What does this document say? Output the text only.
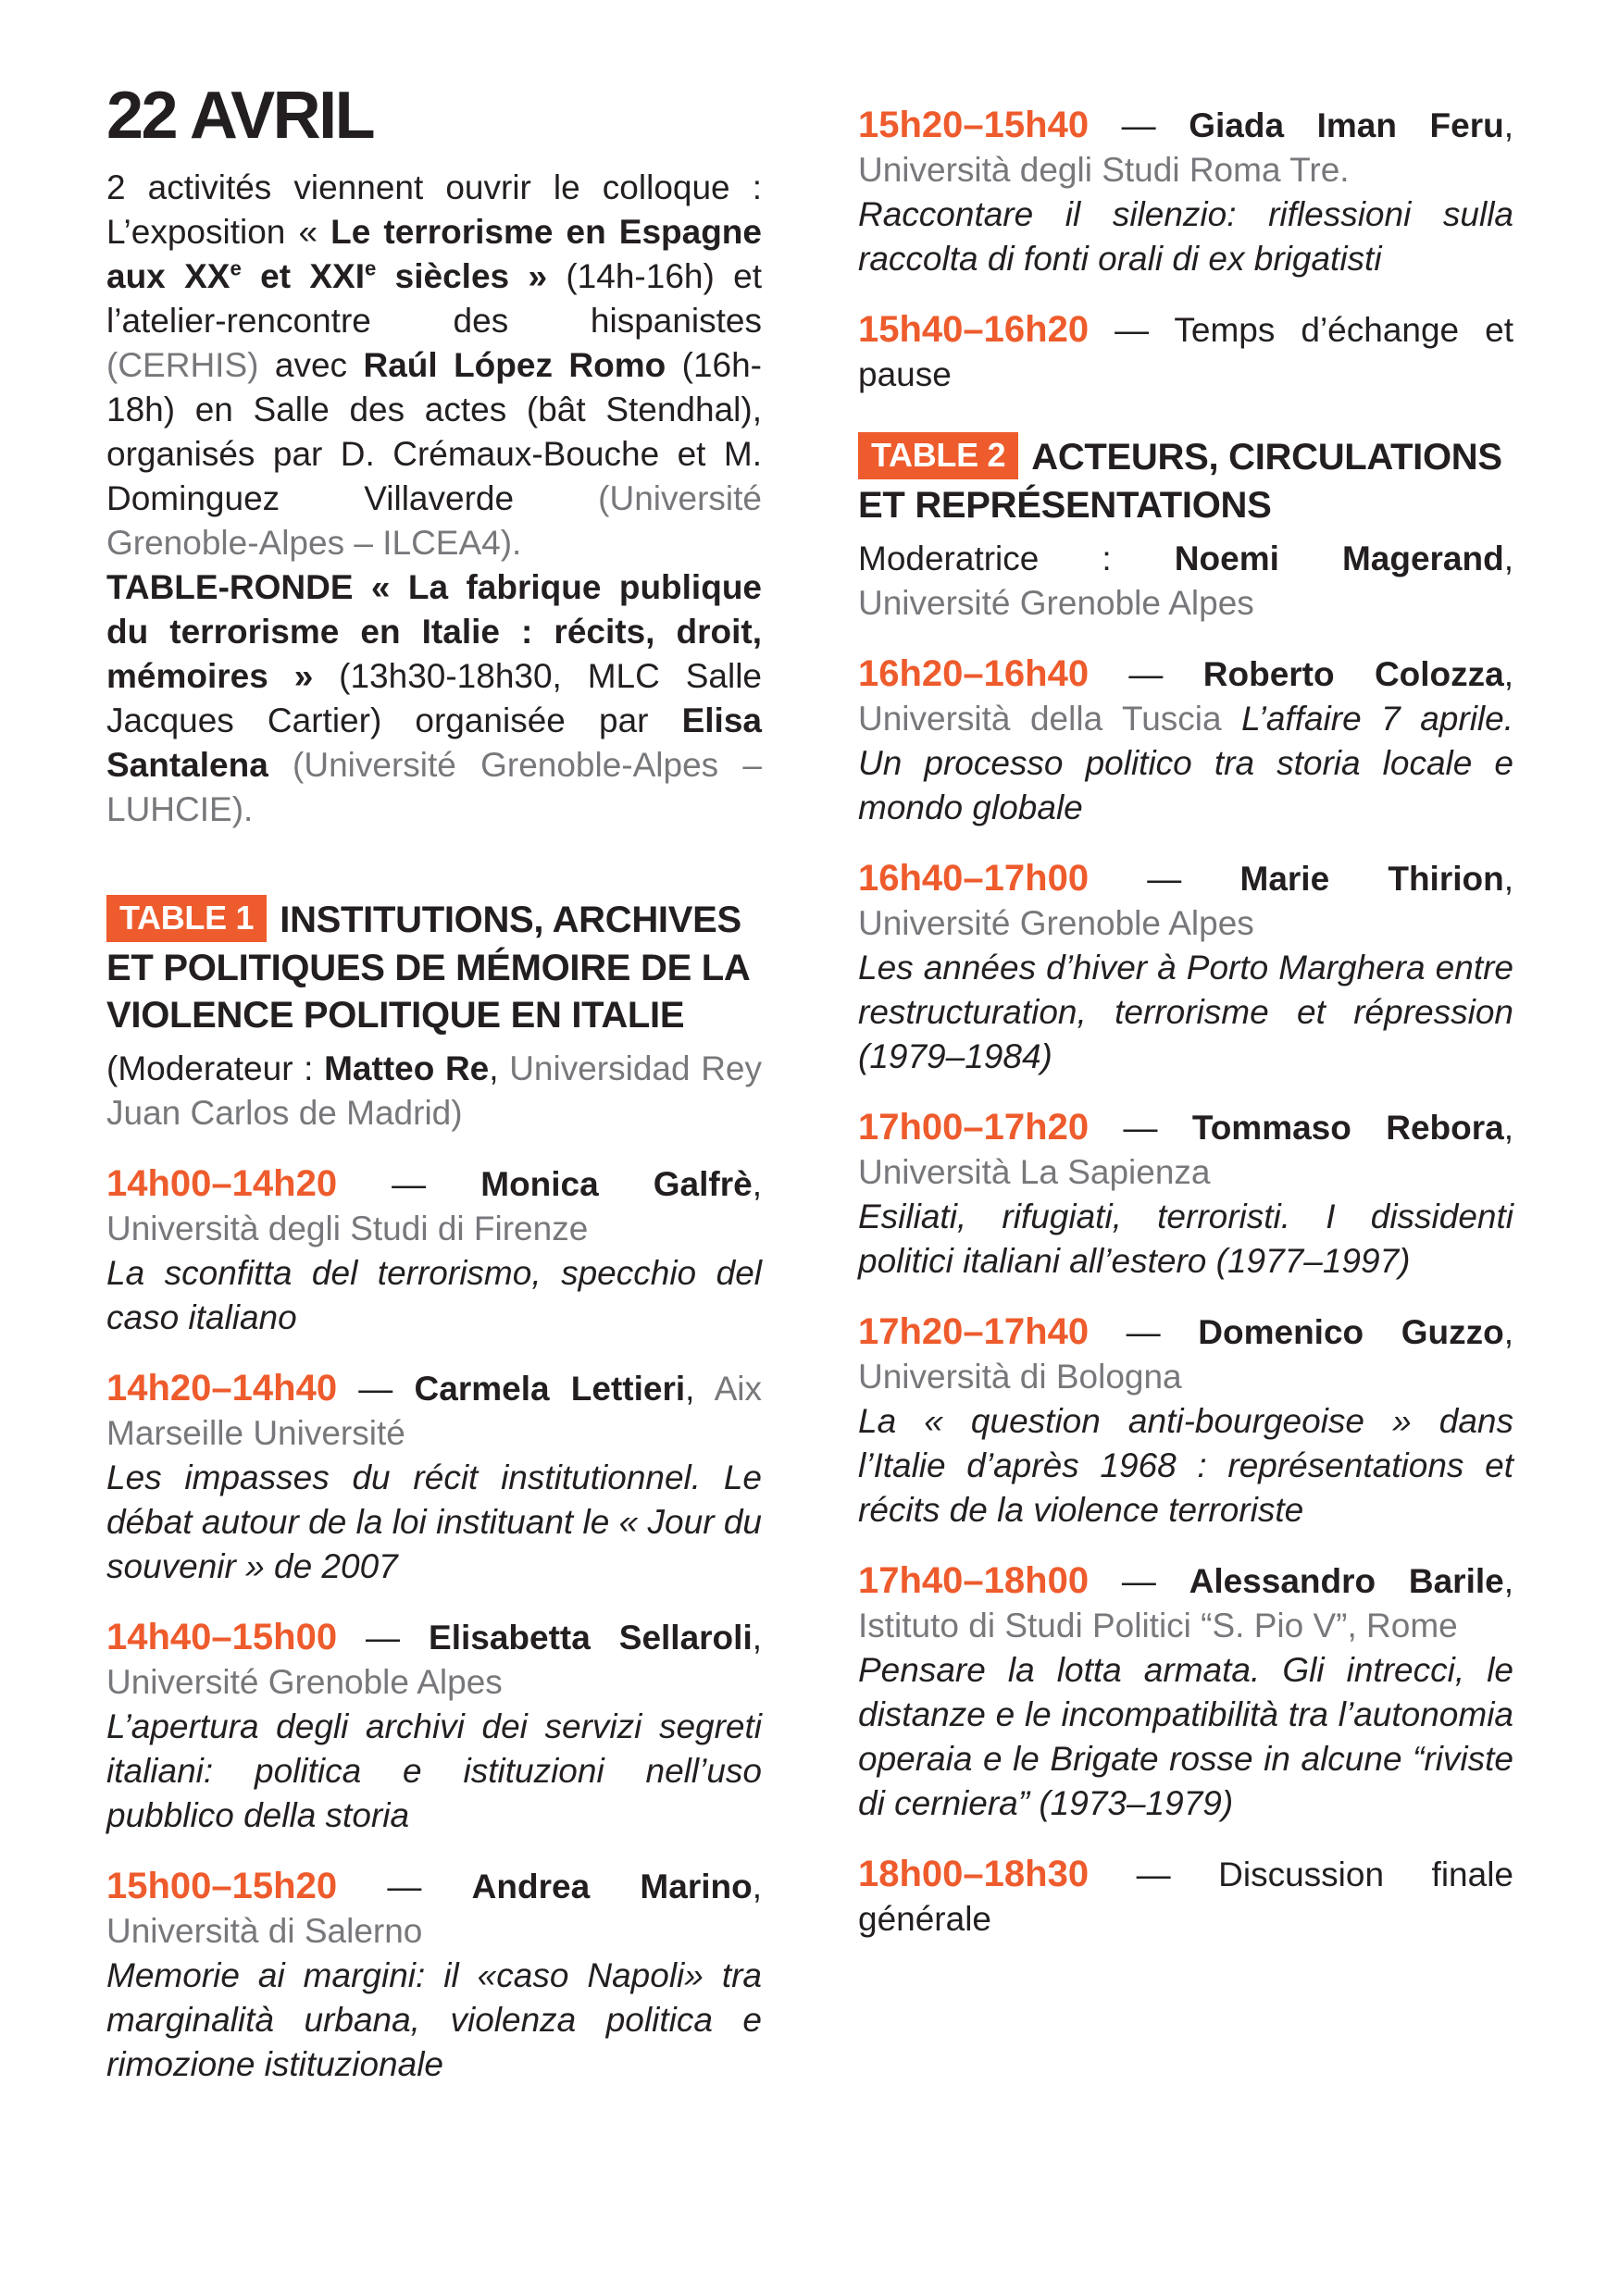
22 AVRIL

2 activités viennent ouvrir le colloque : L’exposition « Le terrorisme en Espagne aux XXe et XXIe siècles » (14h-16h) et l’atelier-rencontre des hispanistes (CERHIS) avec Raúl López Romo (16h-18h) en Salle des actes (bât Stendhal), organisés par D. Crémaux-Bouche et M. Dominguez Villaverde (Université Grenoble-Alpes – ILCEA4).

TABLE-RONDE « La fabrique publique du terrorisme en Italie : récits, droit, mémoires » (13h30-18h30, MLC Salle Jacques Cartier) organisée par Elisa Santalena (Université Grenoble-Alpes – LUHCIE).

TABLE 1 INSTITUTIONS, ARCHIVES ET POLITIQUES DE MÉMOIRE DE LA VIOLENCE POLITIQUE EN ITALIE

(Moderateur : Matteo Re, Universidad Rey Juan Carlos de Madrid)

14h00–14h20 — Monica Galfrè, Università degli Studi di Firenze
La sconfitta del terrorismo, specchio del caso italiano

14h20–14h40 — Carmela Lettieri, Aix Marseille Université
Les impasses du récit institutionnel. Le débat autour de la loi instituant le « Jour du souvenir » de 2007

14h40–15h00 — Elisabetta Sellaroli, Université Grenoble Alpes
L’apertura degli archivi dei servizi segreti italiani: politica e istituzioni nell’uso pubblico della storia

15h00–15h20 — Andrea Marino, Università di Salerno
Memorie ai margini: il «caso Napoli» tra marginalità urbana, violenza politica e rimozione istituzionale

15h20–15h40 — Giada Iman Feru, Università degli Studi Roma Tre.
Raccontare il silenzio: riflessioni sulla raccolta di fonti orali di ex brigatisti

15h40–16h20 — Temps d’échange et pause

TABLE 2 ACTEURS, CIRCULATIONS ET REPRÉSENTATIONS

Moderatrice : Noemi Magerand, Université Grenoble Alpes

16h20–16h40 — Roberto Colozza, Università della Tuscia L’affaire 7 aprile. Un processo politico tra storia locale e mondo globale

16h40–17h00 — Marie Thirion, Université Grenoble Alpes
Les années d’hiver à Porto Marghera entre restructuration, terrorisme et répression (1979–1984)

17h00–17h20 — Tommaso Rebora, Università La Sapienza
Esiliati, rifugiati, terroristi. I dissidenti politici italiani all’estero (1977–1997)

17h20–17h40 — Domenico Guzzo, Università di Bologna
La « question anti-bourgeoise » dans l’Italie d’après 1968 : représentations et récits de la violence terroriste

17h40–18h00 — Alessandro Barile, Istituto di Studi Politici “S. Pio V”, Rome
Pensare la lotta armata. Gli intrecci, le distanze e le incompatibilità tra l’autonomia operaia e le Brigate rosse in alcune “riviste di cerniera” (1973–1979)

18h00–18h30 — Discussion finale générale
